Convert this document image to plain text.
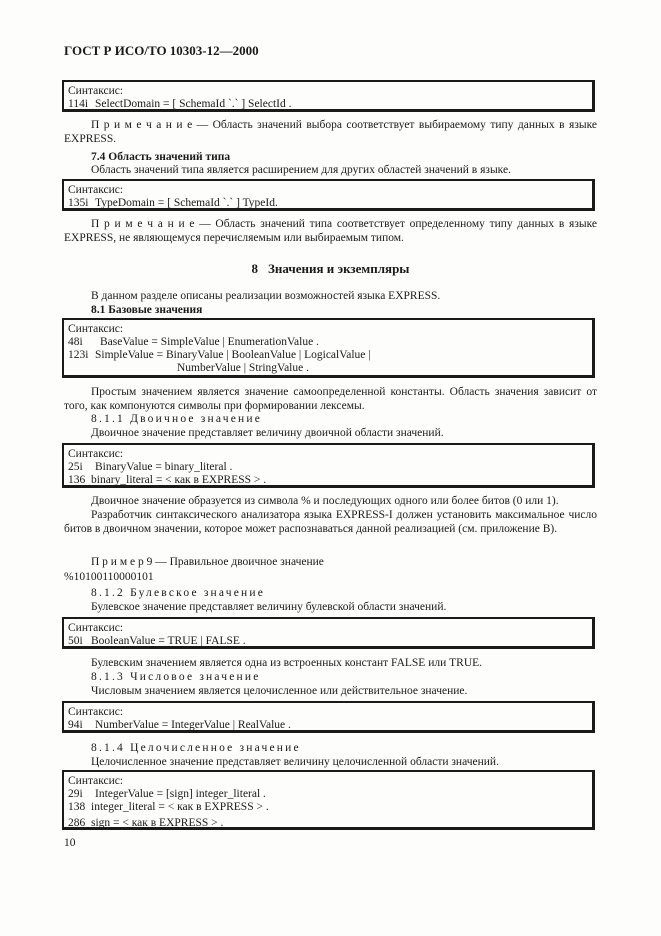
ГОСТ Р ИСО/ТО 10303-12—2000
Синтаксис:
114i SelectDomain = [ SchemaId `.` ] SelectId .
П р и м е ч а н и е — Область значений выбора соответствует выбираемому типу данных в языке EXPRESS.
7.4 Область значений типа
Область значений типа является расширением для других областей значений в языке.
Синтаксис:
135i TypeDomain = [ SchemaId `.` ] TypeId.
П р и м е ч а н и е — Область значений типа соответствует определенному типу данных в языке EXPRESS, не являющемуся перечисляемым или выбираемым типом.
8 Значения и экземпляры
В данном разделе описаны реализации возможностей языка EXPRESS.
8.1 Базовые значения
Синтаксис:
48i BaseValue = SimpleValue | EnumerationValue .
123i SimpleValue = BinaryValue | BooleanValue | LogicalValue |
NumberValue | StringValue .
Простым значением является значение самоопределенной константы. Область значения зависит от того, как компонуются символы при формировании лексемы.
8.1.1 Двоичное значение
Двоичное значение представляет величину двоичной области значений.
Синтаксис:
25i BinaryValue = binary_literal .
136 binary_literal = < как в EXPRESS > .
Двоичное значение образуется из символа % и последующих одного или более битов (0 или 1).
Разработчик синтаксического анализатора языка EXPRESS-I должен установить максимальное число битов в двоичном значении, которое может распознаваться данной реализацией (см. приложение В).
П р и м е р 9 — Правильное двоичное значение
%10100110000101
8.1.2 Булевское значение
Булевское значение представляет величину булевской области значений.
Синтаксис:
50i BooleanValue = TRUE | FALSE .
Булевским значением является одна из встроенных констант FALSE или TRUE.
8.1.3 Числовое значение
Числовым значением является целочисленное или действительное значение.
Синтаксис:
94i NumberValue = IntegerValue | RealValue .
8.1.4 Целочисленное значение
Целочисленное значение представляет величину целочисленной области значений.
Синтаксис:
29i IntegerValue = [sign] integer_literal .
138 integer_literal = < как в EXPRESS > .
286 sign = < как в EXPRESS > .
10
